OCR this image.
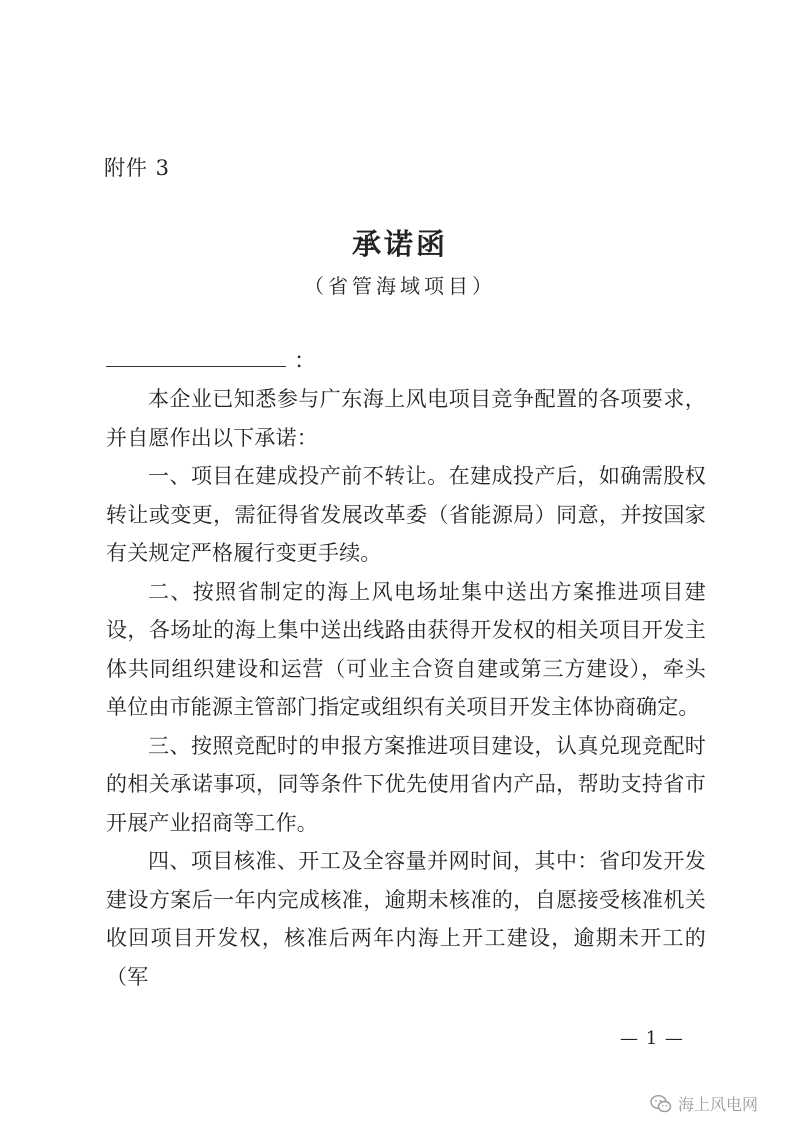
附件 3
承诺函
（省管海域项目）
：

本企业已知悉参与广东海上风电项目竞争配置的各项要求，并自愿作出以下承诺：

一、项目在建成投产前不转让。在建成投产后，如确需股权转让或变更，需征得省发展改革委（省能源局）同意，并按国家有关规定严格履行变更手续。

二、按照省制定的海上风电场址集中送出方案推进项目建设，各场址的海上集中送出线路由获得开发权的相关项目开发主体共同组织建设和运营（可业主合资自建或第三方建设），牵头单位由市能源主管部门指定或组织有关项目开发主体协商确定。

三、按照竞配时的申报方案推进项目建设，认真兑现竞配时的相关承诺事项，同等条件下优先使用省内产品，帮助支持省市开展产业招商等工作。

四、项目核准、开工及全容量并网时间，其中：省印发开发建设方案后一年内完成核准，逾期未核准的，自愿接受核准机关收回项目开发权，核准后两年内海上开工建设，逾期未开工的（军

— 1 —
海上风电网
